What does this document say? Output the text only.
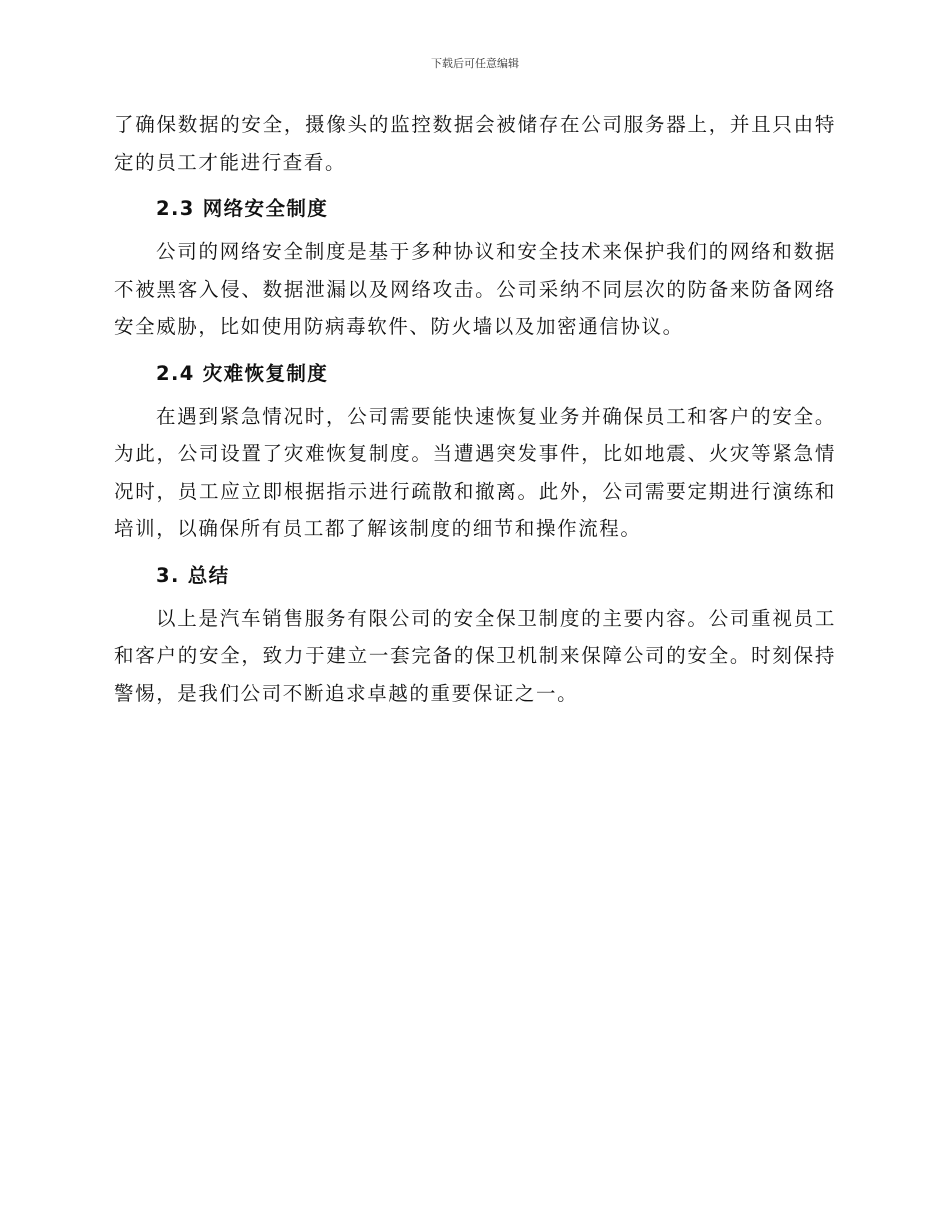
下载后可任意编辑

了确保数据的安全，摄像头的监控数据会被储存在公司服务器上，并且只由特定的员工才能进行查看。

2.3 网络安全制度

公司的网络安全制度是基于多种协议和安全技术来保护我们的网络和数据不被黑客入侵、数据泄漏以及网络攻击。公司采纳不同层次的防备来防备网络安全威胁，比如使用防病毒软件、防火墙以及加密通信协议。

2.4 灾难恢复制度

在遇到紧急情况时，公司需要能快速恢复业务并确保员工和客户的安全。为此，公司设置了灾难恢复制度。当遭遇突发事件，比如地震、火灾等紧急情况时，员工应立即根据指示进行疏散和撤离。此外，公司需要定期进行演练和培训，以确保所有员工都了解该制度的细节和操作流程。

3. 总结

以上是汽车销售服务有限公司的安全保卫制度的主要内容。公司重视员工和客户的安全，致力于建立一套完备的保卫机制来保障公司的安全。时刻保持警惕，是我们公司不断追求卓越的重要保证之一。
